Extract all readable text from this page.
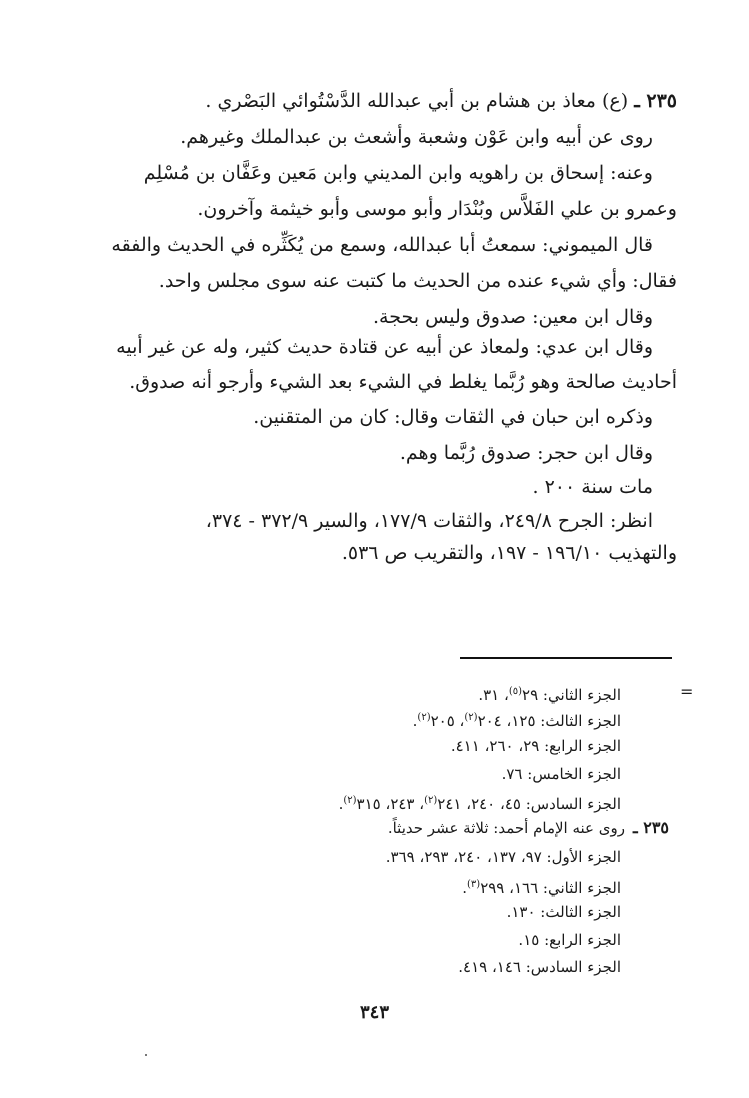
٢٣٥ ـ (ع) معاذ بن هشام بن أبي عبدالله الدَّسْتُوائي البَصْري .
روى عن أبيه وابن عَوْن وشعبة وأشعث بن عبدالملك وغيرهم.
وعنه: إسحاق بن راهويه وابن المديني وابن مَعين وعَفَّان بن مُسْلِم
وعمرو بن علي الفَلاَّس وبُنْدَار وأبو موسى وأبو خيثمة وآخرون.
قال الميموني: سمعتُ أبا عبدالله، وسمع من يُكَثِّره في الحديث والفقه
فقال: وأي شيء عنده من الحديث ما كتبت عنه سوى مجلس واحد.
وقال ابن معين: صدوق وليس بحجة.
وقال ابن عدي: ولمعاذ عن أبيه عن قتادة حديث كثير، وله عن غير أبيه
أحاديث صالحة وهو رُبَّما يغلط في الشيء بعد الشيء وأرجو أنه صدوق.
وذكره ابن حبان في الثقات وقال: كان من المتقنين.
وقال ابن حجر: صدوق رُبَّما وهم.
مات سنة ٢٠٠ .
انظر: الجرح ٢٤٩/٨، والثقات ١٧٧/٩، والسير ٣٧٢/٩ - ٣٧٤،
والتهذيب ١٩٦/١٠ - ١٩٧، والتقريب ص ٥٣٦.
=
الجزء الثاني: ٢٩$^{(٥)}$، ٣١.
الجزء الثالث: ١٢٥، ٢٠٤$^{(٢)}$، ٢٠٥$^{(٢)}$.
الجزء الرابع: ٢٩، ٢٦٠، ٤١١.
الجزء الخامس: ٧٦.
الجزء السادس: ٤٥، ٢٤٠، ٢٤١$^{(٢)}$، ٢٤٣، ٣١٥$^{(٢)}$.
٢٣٥ ـ
روى عنه الإمام أحمد: ثلاثة عشر حديثاً.
الجزء الأول: ٩٧، ١٣٧، ٢٤٠، ٢٩٣، ٣٦٩.
الجزء الثاني: ١٦٦، ٢٩٩$^{(٣)}$.
الجزء الثالث: ١٣٠.
الجزء الرابع: ١٥.
الجزء السادس: ١٤٦، ٤١٩.
٣٤٣
